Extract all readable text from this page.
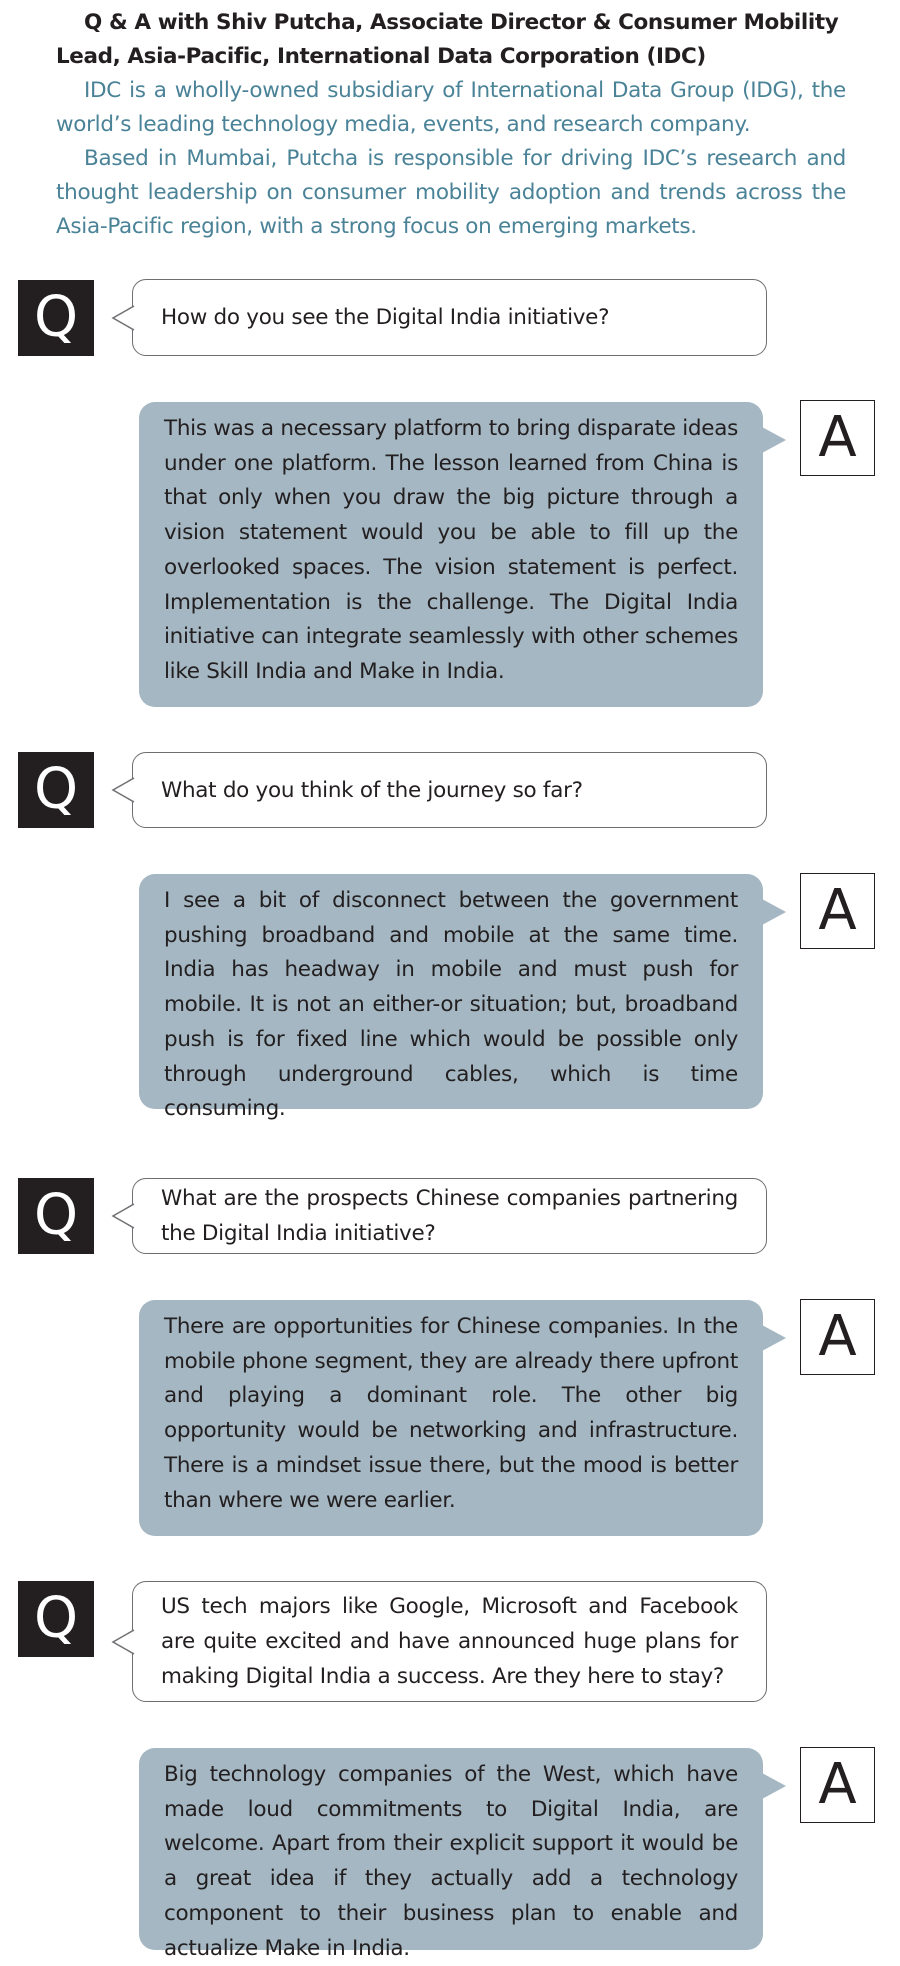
Q & A with Shiv Putcha, Associate Director & Consumer Mobility Lead, Asia-Pacific, International Data Corporation (IDC)

IDC is a wholly-owned subsidiary of International Data Group (IDG), the world’s leading technology media, events, and research company.

Based in Mumbai, Putcha is responsible for driving IDC’s research and thought leadership on consumer mobility adoption and trends across the Asia-Pacific region, with a strong focus on emerging markets.

Q	How do you see the Digital India initiative?

This was a necessary platform to bring disparate ideas under one platform. The lesson learned from China is that only when you draw the big picture through a vision statement would you be able to fill up the overlooked spaces. The vision statement is perfect. Implementation is the challenge. The Digital India initiative can integrate seamlessly with other schemes like Skill India and Make in India.

A
Q	What do you think of the journey so far?

I see a bit of disconnect between the government pushing broadband and mobile at the same time. India has headway in mobile and must push for mobile. It is not an either-or situation; but, broadband push is for fixed line which would be possible only through underground cables, which is time consuming.

A
Q	What are the prospects Chinese companies partnering the Digital India initiative?

There are opportunities for Chinese companies. In the mobile phone segment, they are already there upfront and playing a dominant role. The other big opportunity would be networking and infrastructure. There is a mindset issue there, but the mood is better than where we were earlier.

A
Q	US tech majors like Google, Microsoft and Facebook are quite excited and have announced huge plans for making Digital India a success. Are they here to stay?

Big technology companies of the West, which have made loud commitments to Digital India, are welcome. Apart from their explicit support it would be a great idea if they actually add a technology component to their business plan to enable and actualize Make in India.

A
